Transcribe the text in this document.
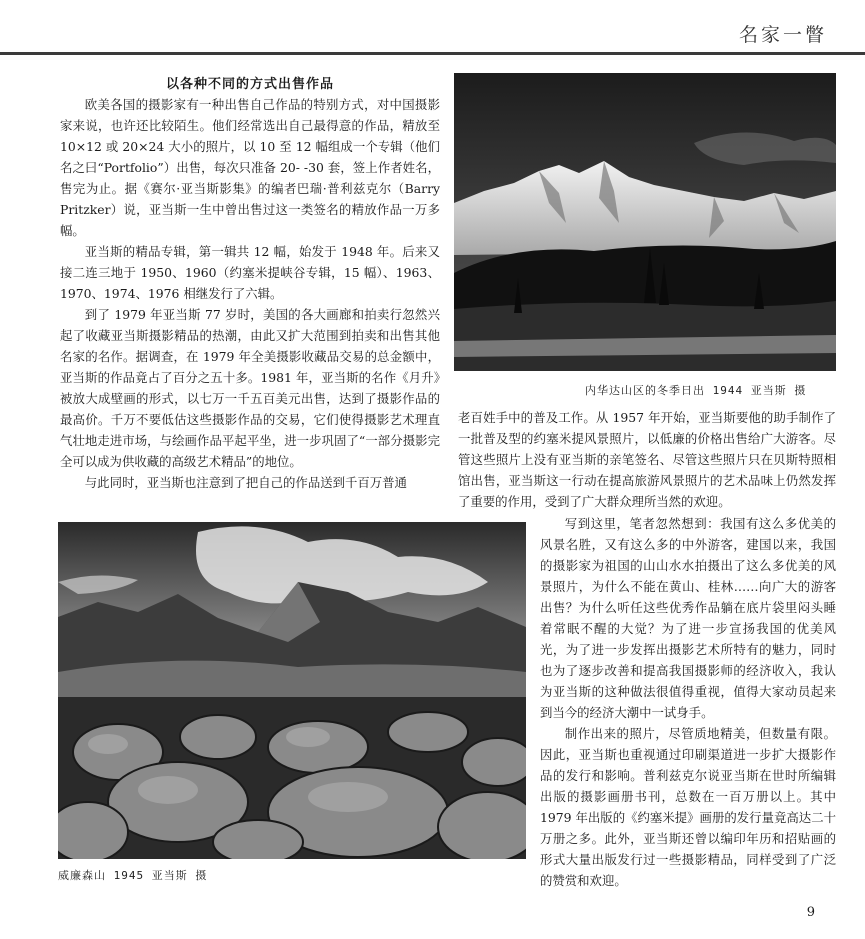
名家一瞥
以各种不同的方式出售作品

欧美各国的摄影家有一种出售自己作品的特别方式，对中国摄影家来说，也许还比较陌生。他们经常选出自己最得意的作品，精放至 10×12 或 20×24 大小的照片，以 10 至 12 幅组成一个专辑（他们名之曰“Portfolio”）出售，每次只准备 20- -30 套，签上作者姓名，售完为止。据《赛尔·亚当斯影集》的编者巴瑞·普利兹克尔（Barry Pritzker）说，亚当斯一生中曾出售过这一类签名的精放作品一万多幅。

亚当斯的精品专辑，第一辑共 12 幅，始发于 1948 年。后来又接二连三地于 1950、1960（约塞米提峡谷专辑，15 幅）、1963、1970、1974、1976 相继发行了六辑。

到了 1979 年亚当斯 77 岁时，美国的各大画廊和拍卖行忽然兴起了收藏亚当斯摄影精品的热潮，由此又扩大范围到拍卖和出售其他名家的名作。据调查，在 1979 年全美摄影收藏品交易的总金额中，亚当斯的作品竟占了百分之五十多。1981 年，亚当斯的名作《月升》被放大成壁画的形式，以七万一千五百美元出售，达到了摄影作品的最高价。千万不要低估这些摄影作品的交易，它们使得摄影艺术理直气壮地走进市场，与绘画作品平起平坐，进一步巩固了“一部分摄影完全可以成为供收藏的高级艺术精品”的地位。

与此同时，亚当斯也注意到了把自己的作品送到千百万普通

内华达山区的冬季日出 1944 亚当斯 摄

老百姓手中的普及工作。从 1957 年开始，亚当斯要他的助手制作了一批普及型的约塞米提风景照片，以低廉的价格出售给广大游客。尽管这些照片上没有亚当斯的亲笔签名、尽管这些照片只在贝斯特照相馆出售，亚当斯这一行动在提高旅游风景照片的艺术品味上仍然发挥了重要的作用，受到了广大群众理所当然的欢迎。

威廉森山 1945 亚当斯 摄

写到这里，笔者忽然想到：我国有这么多优美的风景名胜，又有这么多的中外游客，建国以来，我国的摄影家为祖国的山山水水拍摄出了这么多优美的风景照片，为什么不能在黄山、桂林……向广大的游客出售？为什么听任这些优秀作品躺在底片袋里闷头睡着常眠不醒的大觉？为了进一步宣扬我国的优美风光，为了进一步发挥出摄影艺术所特有的魅力，同时也为了逐步改善和提高我国摄影师的经济收入，我认为亚当斯的这种做法很值得重视，值得大家动员起来到当今的经济大潮中一试身手。

制作出来的照片，尽管质地精美，但数量有限。因此，亚当斯也重视通过印刷渠道进一步扩大摄影作品的发行和影响。普利兹克尔说亚当斯在世时所编辑出版的摄影画册书刊，总数在一百万册以上。其中 1979 年出版的《约塞米提》画册的发行量竟高达二十万册之多。此外，亚当斯还曾以编印年历和招贴画的形式大量出版发行过一些摄影精品，同样受到了广泛的赞赏和欢迎。

9
